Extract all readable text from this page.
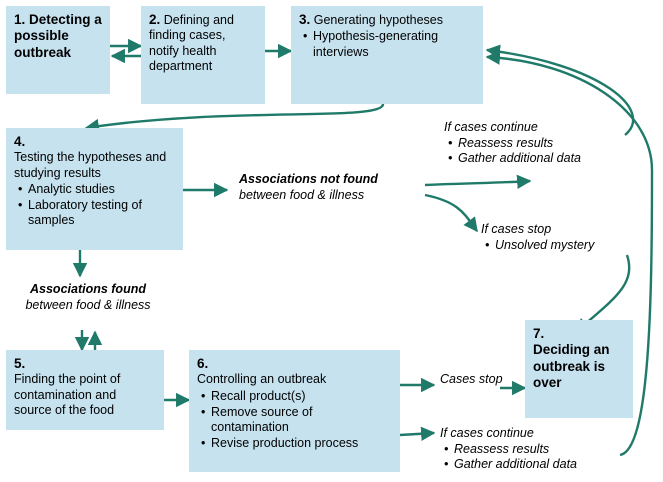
1. Detecting a possible outbreak
2. Defining and finding cases, notify health department
3. Generating hypotheses
• Hypothesis-generating interviews
4.
Testing the hypotheses and studying results
• Analytic studies
• Laboratory testing of samples
5.
Finding the point of contamination and source of the food
6.
Controlling an outbreak
• Recall product(s)
• Remove source of contamination
• Revise production process
7.
Deciding an outbreak is over
Associations not found
between food & illness
Associations found
between food & illness
If cases continue
• Reassess results
• Gather additional data
If cases stop
• Unsolved mystery
Cases stop
If cases continue
• Reassess results
• Gather additional data
